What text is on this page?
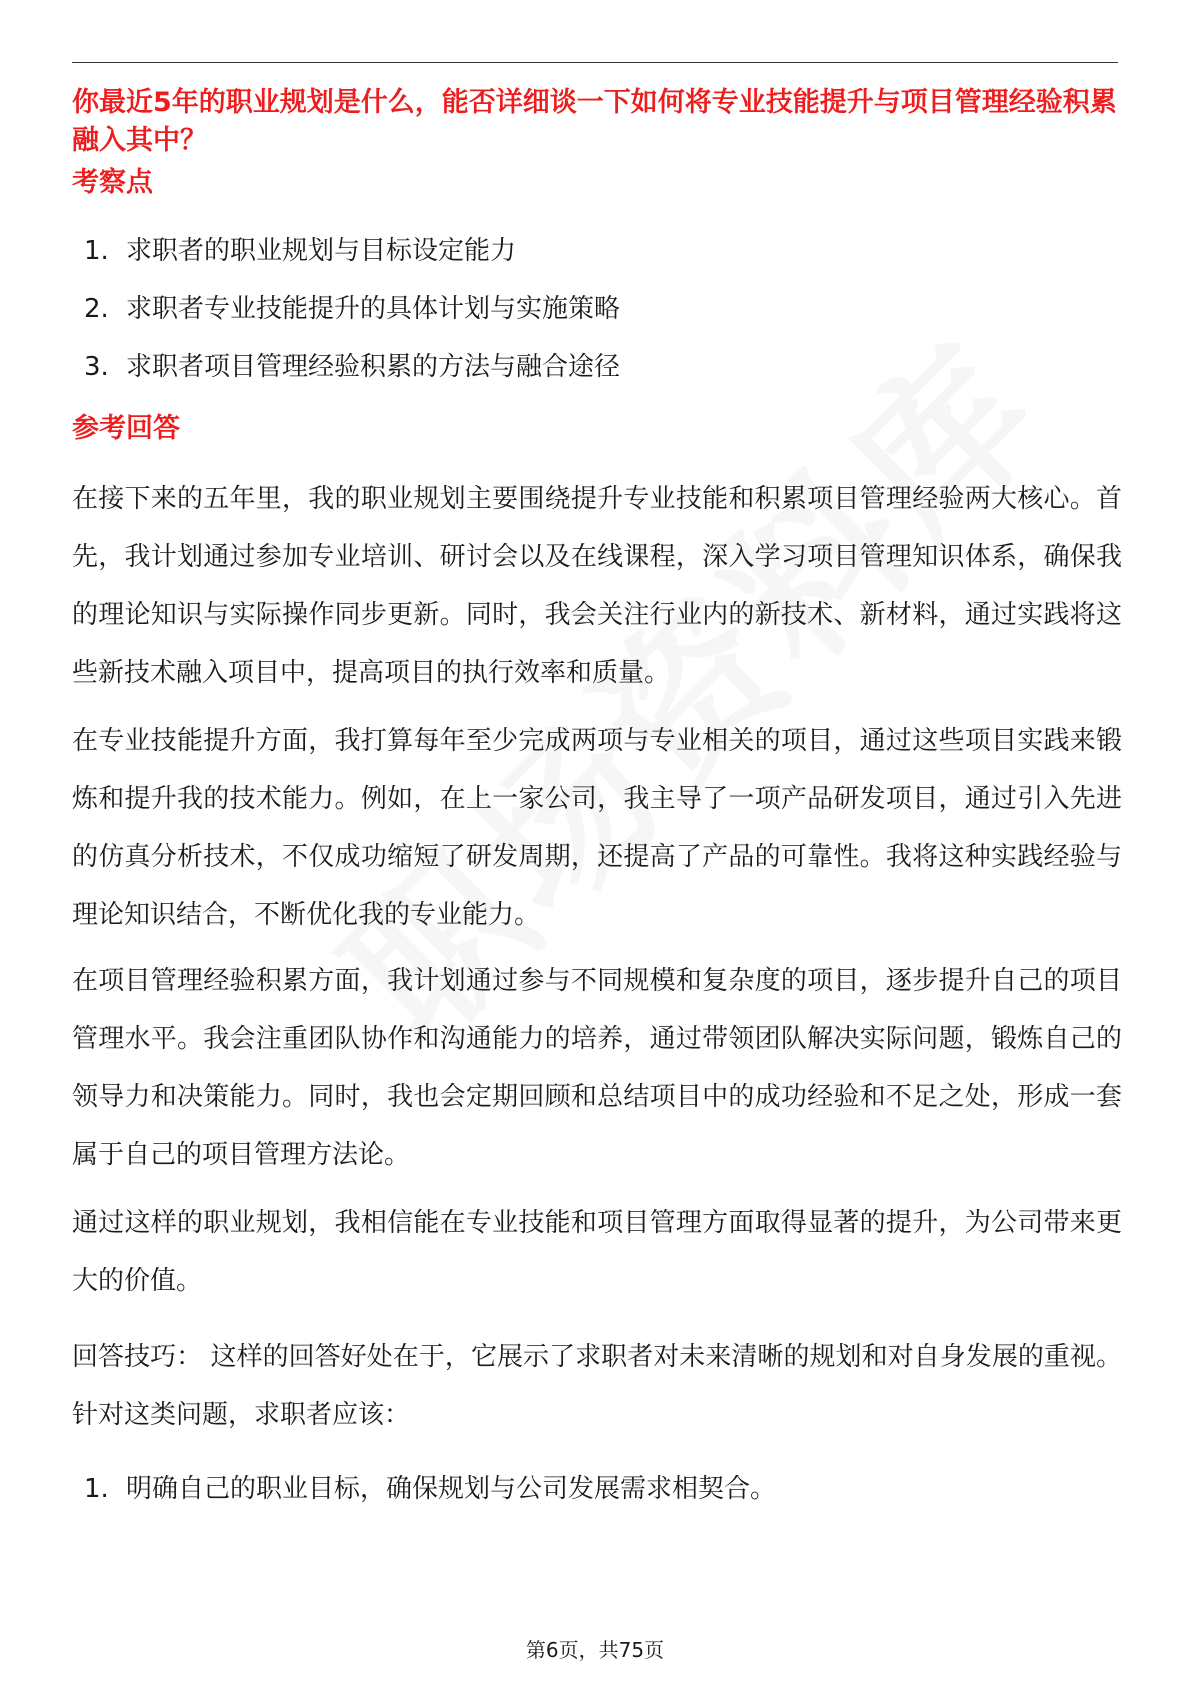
你最近5年的职业规划是什么，能否详细谈一下如何将专业技能提升与项目管理经验积累融入其中？
考察点
1. 求职者的职业规划与目标设定能力
2. 求职者专业技能提升的具体计划与实施策略
3. 求职者项目管理经验积累的方法与融合途径
参考回答

在接下来的五年里，我的职业规划主要围绕提升专业技能和积累项目管理经验两大核心。首先，我计划通过参加专业培训、研讨会以及在线课程，深入学习项目管理知识体系，确保我的理论知识与实际操作同步更新。同时，我会关注行业内的新技术、新材料，通过实践将这些新技术融入项目中，提高项目的执行效率和质量。

在专业技能提升方面，我打算每年至少完成两项与专业相关的项目，通过这些项目实践来锻炼和提升我的技术能力。例如，在上一家公司，我主导了一项产品研发项目，通过引入先进的仿真分析技术，不仅成功缩短了研发周期，还提高了产品的可靠性。我将这种实践经验与理论知识结合，不断优化我的专业能力。

在项目管理经验积累方面，我计划通过参与不同规模和复杂度的项目，逐步提升自己的项目管理水平。我会注重团队协作和沟通能力的培养，通过带领团队解决实际问题，锻炼自己的领导力和决策能力。同时，我也会定期回顾和总结项目中的成功经验和不足之处，形成一套属于自己的项目管理方法论。

通过这样的职业规划，我相信能在专业技能和项目管理方面取得显著的提升，为公司带来更大的价值。

回答技巧： 这样的回答好处在于，它展示了求职者对未来清晰的规划和对自身发展的重视。针对这类问题，求职者应该：

1. 明确自己的职业目标，确保规划与公司发展需求相契合。
第6页，共75页
